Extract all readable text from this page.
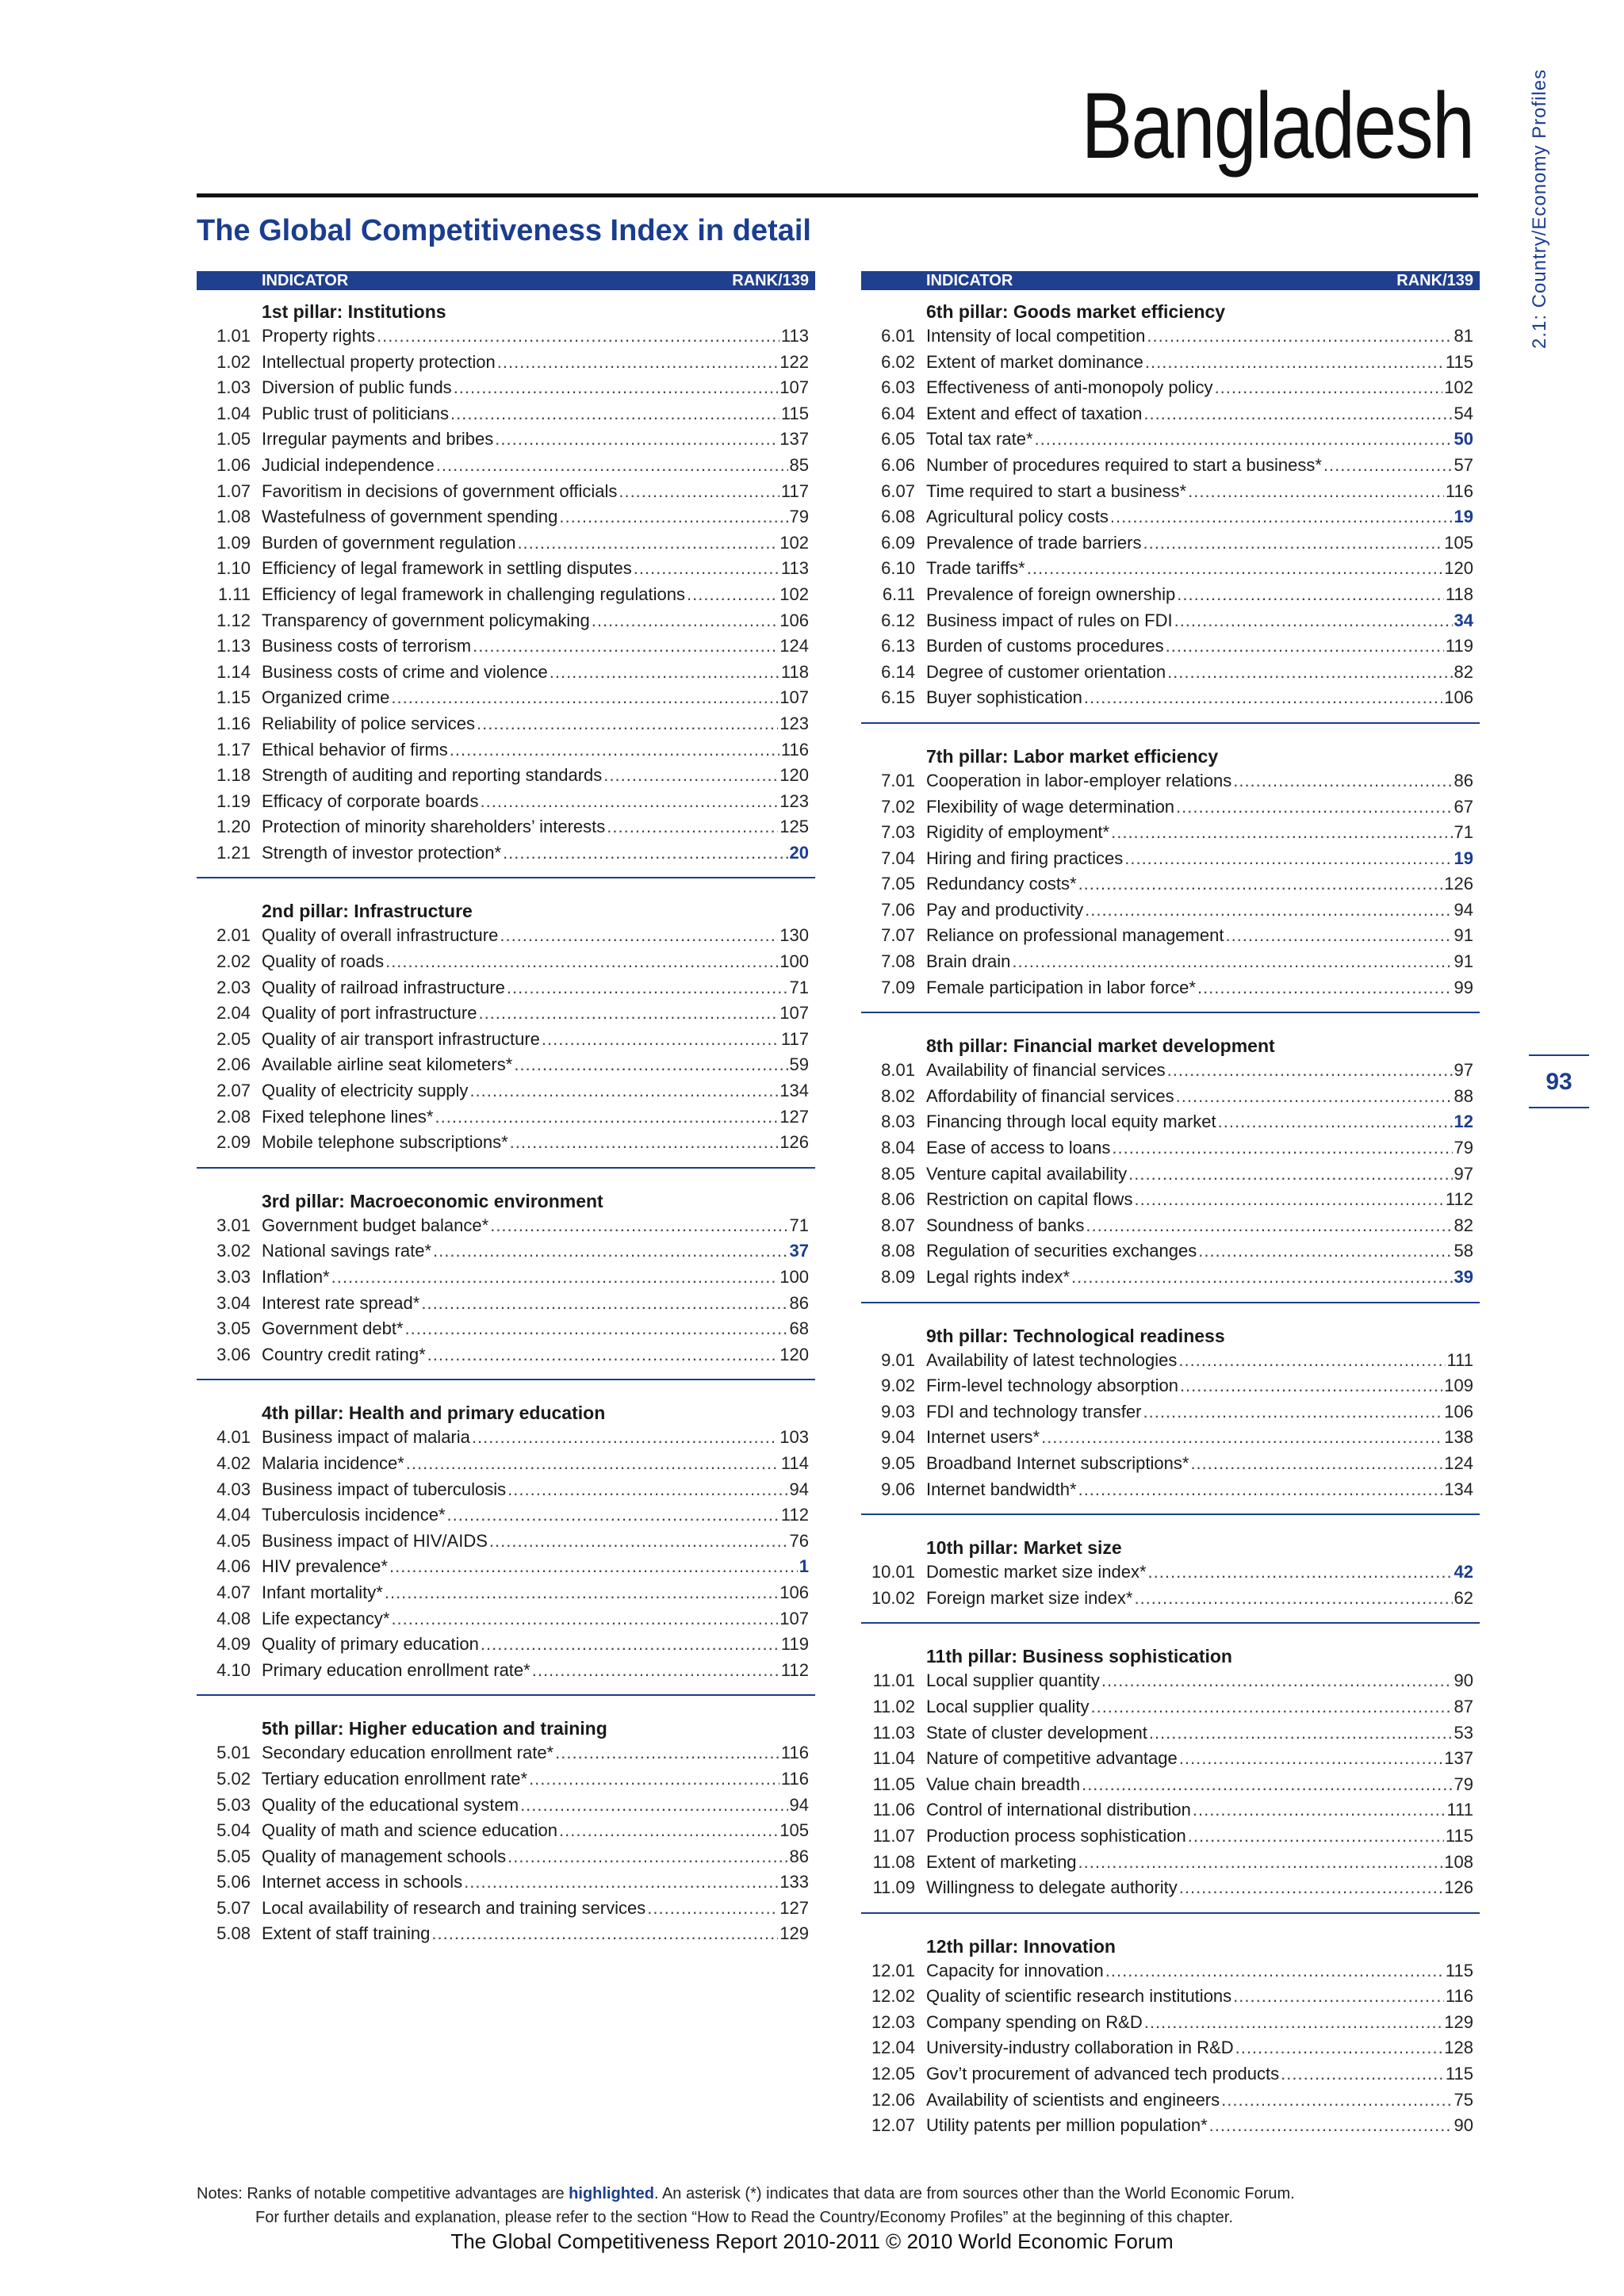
Bangladesh	2.1: Country/Economy Profiles
93
The Global Competitiveness Index in detail
INDICATOR	RANK/139
1st pillar: Institutions
1.01 Property rights .....	113
1.02 Intellectual property protection .....	122
1.03 Diversion of public funds .....	107
1.04 Public trust of politicians .....	115
1.05 Irregular payments and bribes .....	137
1.06 Judicial independence .....	85
1.07 Favoritism in decisions of government officials .....	117
1.08 Wastefulness of government spending .....	79
1.09 Burden of government regulation .....	102
1.10 Efficiency of legal framework in settling disputes .....	113
1.11 Efficiency of legal framework in challenging regulations .....	102
1.12 Transparency of government policymaking .....	106
1.13 Business costs of terrorism .....	124
1.14 Business costs of crime and violence .....	118
1.15 Organized crime .....	107
1.16 Reliability of police services .....	123
1.17 Ethical behavior of firms .....	116
1.18 Strength of auditing and reporting standards .....	120
1.19 Efficacy of corporate boards .....	123
1.20 Protection of minority shareholders’ interests .....	125
1.21 Strength of investor protection* .....	20
2nd pillar: Infrastructure
2.01 Quality of overall infrastructure .....	130
2.02 Quality of roads .....	100
2.03 Quality of railroad infrastructure .....	71
2.04 Quality of port infrastructure .....	107
2.05 Quality of air transport infrastructure .....	117
2.06 Available airline seat kilometers* .....	59
2.07 Quality of electricity supply .....	134
2.08 Fixed telephone lines* .....	127
2.09 Mobile telephone subscriptions* .....	126
3rd pillar: Macroeconomic environment
3.01 Government budget balance* .....	71
3.02 National savings rate* .....	37
3.03 Inflation* .....	100
3.04 Interest rate spread* .....	86
3.05 Government debt* .....	68
3.06 Country credit rating* .....	120
4th pillar: Health and primary education
4.01 Business impact of malaria .....	103
4.02 Malaria incidence* .....	114
4.03 Business impact of tuberculosis .....	94
4.04 Tuberculosis incidence* .....	112
4.05 Business impact of HIV/AIDS .....	76
4.06 HIV prevalence* .....	1
4.07 Infant mortality* .....	106
4.08 Life expectancy* .....	107
4.09 Quality of primary education .....	119
4.10 Primary education enrollment rate* .....	112
5th pillar: Higher education and training
5.01 Secondary education enrollment rate* .....	116
5.02 Tertiary education enrollment rate* .....	116
5.03 Quality of the educational system .....	94
5.04 Quality of math and science education .....	105
5.05 Quality of management schools .....	86
5.06 Internet access in schools .....	133
5.07 Local availability of research and training services .....	127
5.08 Extent of staff training .....	129
INDICATOR	RANK/139
6th pillar: Goods market efficiency
6.01 Intensity of local competition .....	81
6.02 Extent of market dominance .....	115
6.03 Effectiveness of anti-monopoly policy .....	102
6.04 Extent and effect of taxation .....	54
6.05 Total tax rate* .....	50
6.06 Number of procedures required to start a business* .....	57
6.07 Time required to start a business* .....	116
6.08 Agricultural policy costs .....	19
6.09 Prevalence of trade barriers .....	105
6.10 Trade tariffs* .....	120
6.11 Prevalence of foreign ownership .....	118
6.12 Business impact of rules on FDI .....	34
6.13 Burden of customs procedures .....	119
6.14 Degree of customer orientation .....	82
6.15 Buyer sophistication .....	106
7th pillar: Labor market efficiency
7.01 Cooperation in labor-employer relations .....	86
7.02 Flexibility of wage determination .....	67
7.03 Rigidity of employment* .....	71
7.04 Hiring and firing practices .....	19
7.05 Redundancy costs* .....	126
7.06 Pay and productivity .....	94
7.07 Reliance on professional management .....	91
7.08 Brain drain .....	91
7.09 Female participation in labor force* .....	99
8th pillar: Financial market development
8.01 Availability of financial services .....	97
8.02 Affordability of financial services .....	88
8.03 Financing through local equity market .....	12
8.04 Ease of access to loans .....	79
8.05 Venture capital availability .....	97
8.06 Restriction on capital flows .....	112
8.07 Soundness of banks .....	82
8.08 Regulation of securities exchanges .....	58
8.09 Legal rights index* .....	39
9th pillar: Technological readiness
9.01 Availability of latest technologies .....	111
9.02 Firm-level technology absorption .....	109
9.03 FDI and technology transfer .....	106
9.04 Internet users* .....	138
9.05 Broadband Internet subscriptions* .....	124
9.06 Internet bandwidth* .....	134
10th pillar: Market size
10.01 Domestic market size index* .....	42
10.02 Foreign market size index* .....	62
11th pillar: Business sophistication
11.01 Local supplier quantity .....	90
11.02 Local supplier quality .....	87
11.03 State of cluster development .....	53
11.04 Nature of competitive advantage .....	137
11.05 Value chain breadth .....	79
11.06 Control of international distribution .....	111
11.07 Production process sophistication .....	115
11.08 Extent of marketing .....	108
11.09 Willingness to delegate authority .....	126
12th pillar: Innovation
12.01 Capacity for innovation .....	115
12.02 Quality of scientific research institutions .....	116
12.03 Company spending on R&D .....	129
12.04 University-industry collaboration in R&D .....	128
12.05 Gov’t procurement of advanced tech products .....	115
12.06 Availability of scientists and engineers .....	75
12.07 Utility patents per million population* .....	90
Notes: Ranks of notable competitive advantages are highlighted. An asterisk (*) indicates that data are from sources other than the World Economic Forum.
For further details and explanation, please refer to the section “How to Read the Country/Economy Profiles” at the beginning of this chapter.
The Global Competitiveness Report 2010-2011 © 2010 World Economic Forum
